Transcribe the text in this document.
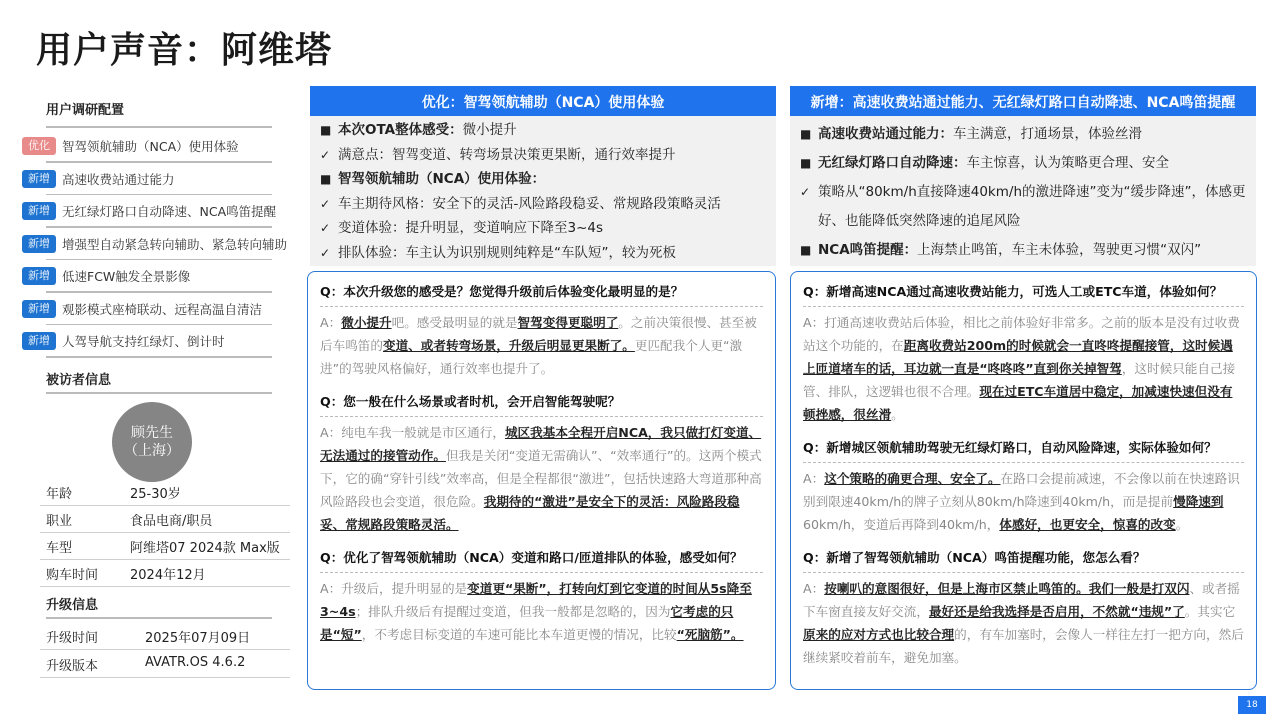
用户声音：阿维塔
用户调研配置
优化 智驾领航辅助（NCA）使用体验
新增 高速收费站通过能力
新增 无红绿灯路口自动降速、NCA鸣笛提醒
新增 增强型自动紧急转向辅助、紧急转向辅助
新增 低速FCW触发全景影像
新增 观影模式座椅联动、远程高温自清洁
新增 人驾导航支持红绿灯、倒计时
被访者信息
顾先生
（上海）
年龄	25-30岁
职业	食品电商/职员
车型	阿维塔07 2024款 Max版
购车时间 2024年12月
升级信息
升级时间	2025年07月09日
升级版本	AVATR.OS 4.6.2
优化：智驾领航辅助（NCA）使用体验
■ 本次OTA整体感受：微小提升
✓ 满意点：智驾变道、转弯场景决策更果断，通行效率提升
■ 智驾领航辅助（NCA）使用体验：
✓ 车主期待风格：安全下的灵活-风险路段稳妥、常规路段策略灵活
✓ 变道体验：提升明显，变道响应下降至3~4s
✓ 排队体验：车主认为识别规则纯粹是“车队短”，较为死板
Q：本次升级您的感受是？您觉得升级前后体验变化最明显的是？
A：微小提升吧。感受最明显的就是智驾变得更聪明了。之前决策很慢、甚至被后车鸣笛的变道、或者转弯场景，升级后明显更果断了。更匹配我个人更“激进”的驾驶风格偏好，通行效率也提升了。
Q：您一般在什么场景或者时机，会开启智能驾驶呢？
A：纯电车我一般就是市区通行，城区我基本全程开启NCA，我只做打灯变道、无法通过的接管动作。但我是关闭“变道无需确认”、“效率通行”的。这两个模式下，它的确“穿针引线”效率高，但是全程都很“激进”，包括快速路大弯道那种高风险路段也会变道，很危险。我期待的“激进”是安全下的灵活：风险路段稳妥、常规路段策略灵活。
Q：优化了智驾领航辅助（NCA）变道和路口/匝道排队的体验，感受如何？
A：升级后，提升明显的是变道更“果断”，打转向灯到它变道的时间从5s降至3~4s；排队升级后有提醒过变道，但我一般都是忽略的，因为它考虑的只是“短”，不考虑目标变道的车速可能比本车道更慢的情况，比较“死脑筋”。
新增：高速收费站通过能力、无红绿灯路口自动降速、NCA鸣笛提醒
■ 高速收费站通过能力：车主满意，打通场景，体验丝滑
■ 无红绿灯路口自动降速：车主惊喜，认为策略更合理、安全
✓ 策略从“80km/h直接降速40km/h的激进降速”变为“缓步降速”，体感更好、也能降低突然降速的追尾风险
■ NCA鸣笛提醒：上海禁止鸣笛，车主未体验，驾驶更习惯“双闪”
Q：新增高速NCA通过高速收费站能力，可选人工或ETC车道，体验如何？
A：打通高速收费站后体验，相比之前体验好非常多。之前的版本是没有过收费站这个功能的，在距离收费站200m的时候就会一直咚咚提醒接管，这时候遇上匝道堵车的话，耳边就一直是“咚咚咚”直到你关掉智驾，这时候只能自己接管、排队，这逻辑也很不合理。现在过ETC车道居中稳定，加减速快速但没有顿挫感，很丝滑。
Q：新增城区领航辅助驾驶无红绿灯路口，自动风险降速，实际体验如何？
A：这个策略的确更合理、安全了。在路口会提前减速，不会像以前在快速路识别到限速40km/h的牌子立刻从80km/h降速到40km/h，而是提前慢降速到60km/h，变道后再降到40km/h，体感好，也更安全，惊喜的改变。
Q：新增了智驾领航辅助（NCA）鸣笛提醒功能，您怎么看？
A：按喇叭的意图很好，但是上海市区禁止鸣笛的。我们一般是打双闪、或者摇下车窗直接友好交流，最好还是给我选择是否启用，不然就“违规”了。其实它原来的应对方式也比较合理的，有车加塞时，会像人一样往左打一把方向，然后继续紧咬着前车，避免加塞。
18
